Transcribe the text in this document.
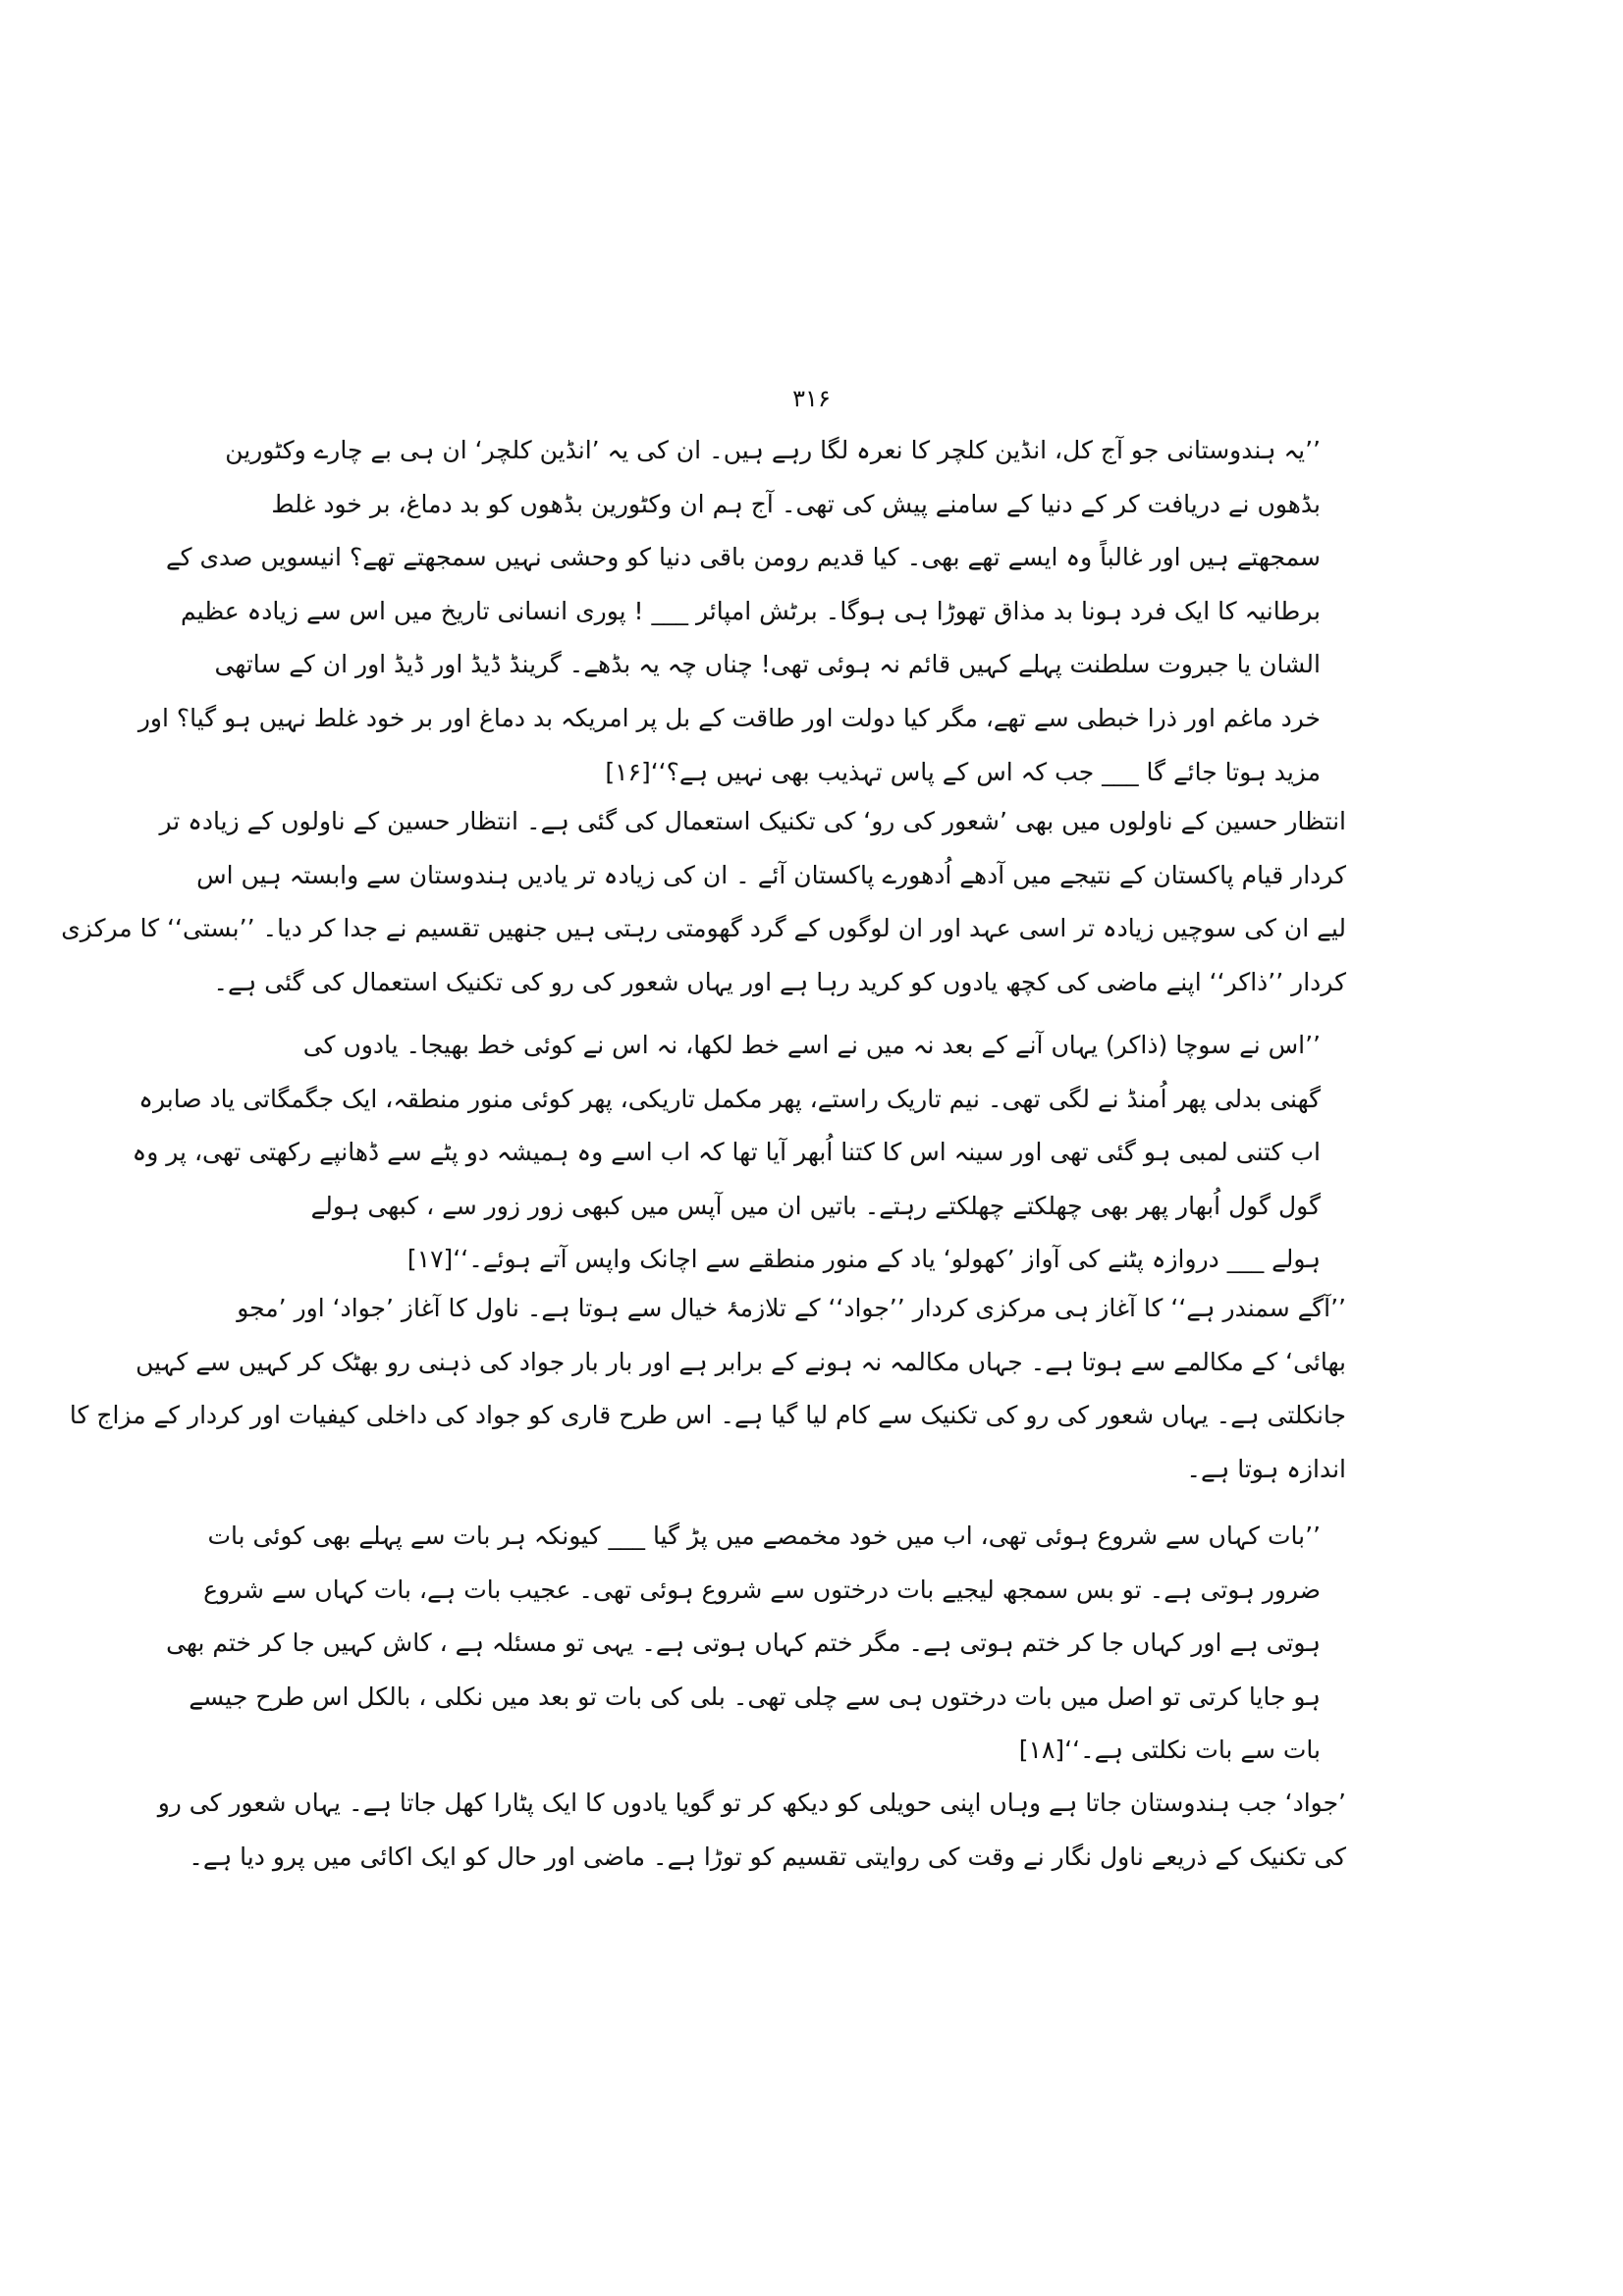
۳۱۶
’’یہ ہندوستانی جو آج کل، انڈین کلچر کا نعرہ لگا رہے ہیں۔ ان کی یہ ’انڈین کلچر‘ ان ہی بے چارے وکٹورین
بڈھوں نے دریافت کر کے دنیا کے سامنے پیش کی تھی۔ آج ہم ان وکٹورین بڈھوں کو بد دماغ، بر خود غلط
سمجھتے ہیں اور غالباً وہ ایسے تھے بھی۔ کیا قدیم رومن باقی دنیا کو وحشی نہیں سمجھتے تھے؟ انیسویں صدی کے
برطانیہ کا ایک فرد ہونا بد مذاق تھوڑا ہی ہوگا۔ برٹش امپائر ___ ! پوری انسانی تاریخ میں اس سے زیادہ عظیم
الشان یا جبروت سلطنت پہلے کہیں قائم نہ ہوئی تھی! چناں چہ یہ بڈھے۔ گرینڈ ڈیڈ اور ڈیڈ اور ان کے ساتھی
خرد ماغم اور ذرا خبطی سے تھے، مگر کیا دولت اور طاقت کے بل پر امریکہ بد دماغ اور بر خود غلط نہیں ہو گیا؟ اور
مزید ہوتا جائے گا ___ جب کہ اس کے پاس تہذیب بھی نہیں ہے؟‘‘[۱۶]
انتظار حسین کے ناولوں میں بھی ’شعور کی رو‘ کی تکنیک استعمال کی گئی ہے۔ انتظار حسین کے ناولوں کے زیادہ تر
کردار قیام پاکستان کے نتیجے میں آدھے اُدھورے پاکستان آئے ۔ ان کی زیادہ تر یادیں ہندوستان سے وابستہ ہیں اس
لیے ان کی سوچیں زیادہ تر اسی عہد اور ان لوگوں کے گرد گھومتی رہتی ہیں جنھیں تقسیم نے جدا کر دیا۔ ’’بستی‘‘ کا مرکزی
کردار ’’ذاکر‘‘ اپنے ماضی کی کچھ یادوں کو کرید رہا ہے اور یہاں شعور کی رو کی تکنیک استعمال کی گئی ہے۔
’’اس نے سوچا (ذاکر) یہاں آنے کے بعد نہ میں نے اسے خط لکھا، نہ اس نے کوئی خط بھیجا۔ یادوں کی
گھنی بدلی پھر اُمنڈ نے لگی تھی۔ نیم تاریک راستے، پھر مکمل تاریکی، پھر کوئی منور منطقہ، ایک جگمگاتی یاد صابرہ
اب کتنی لمبی ہو گئی تھی اور سینہ اس کا کتنا اُبھر آیا تھا کہ اب اسے وہ ہمیشہ دو پٹے سے ڈھانپے رکھتی تھی، پر وہ
گول گول اُبھار پھر بھی چھلکتے چھلکتے رہتے۔ باتیں ان میں آپس میں کبھی زور زور سے ، کبھی ہولے
ہولے ___ دروازہ پٹنے کی آواز ’کھولو‘ یاد کے منور منطقے سے اچانک واپس آتے ہوئے۔‘‘[۱۷]
’’آگے سمندر ہے‘‘ کا آغاز ہی مرکزی کردار ’’جواد‘‘ کے تلازمۂ خیال سے ہوتا ہے۔ ناول کا آغاز ’جواد‘ اور ’مجو
بھائی‘ کے مکالمے سے ہوتا ہے۔ جہاں مکالمہ نہ ہونے کے برابر ہے اور بار بار جواد کی ذہنی رو بھٹک کر کہیں سے کہیں
جانکلتی ہے۔ یہاں شعور کی رو کی تکنیک سے کام لیا گیا ہے۔ اس طرح قاری کو جواد کی داخلی کیفیات اور کردار کے مزاج کا
اندازہ ہوتا ہے۔
’’بات کہاں سے شروع ہوئی تھی، اب میں خود مخمصے میں پڑ گیا ___ کیونکہ ہر بات سے پہلے بھی کوئی بات
ضرور ہوتی ہے۔ تو بس سمجھ لیجیے بات درختوں سے شروع ہوئی تھی۔ عجیب بات ہے، بات کہاں سے شروع
ہوتی ہے اور کہاں جا کر ختم ہوتی ہے۔ مگر ختم کہاں ہوتی ہے۔ یہی تو مسئلہ ہے ، کاش کہیں جا کر ختم بھی
ہو جایا کرتی تو اصل میں بات درختوں ہی سے چلی تھی۔ بلی کی بات تو بعد میں نکلی ، بالکل اس طرح جیسے
بات سے بات نکلتی ہے۔‘‘[۱۸]
’جواد‘ جب ہندوستان جاتا ہے وہاں اپنی حویلی کو دیکھ کر تو گویا یادوں کا ایک پٹارا کھل جاتا ہے۔ یہاں شعور کی رو
کی تکنیک کے ذریعے ناول نگار نے وقت کی روایتی تقسیم کو توڑا ہے۔ ماضی اور حال کو ایک اکائی میں پرو دیا ہے۔
